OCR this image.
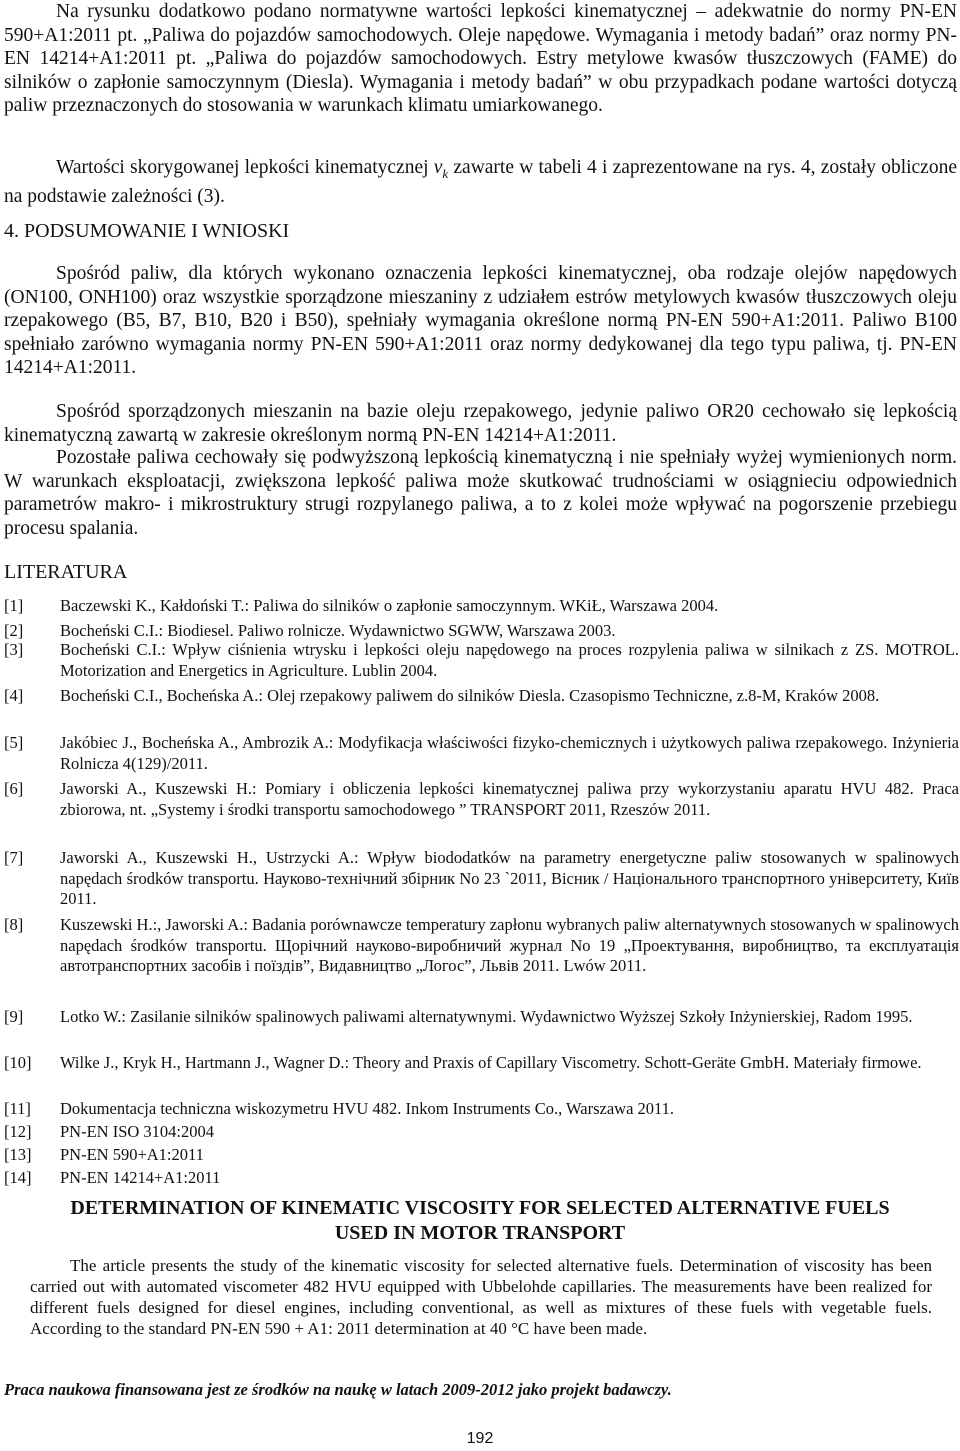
Na rysunku dodatkowo podano normatywne wartości lepkości kinematycznej – adekwatnie do normy PN-EN 590+A1:2011 pt. „Paliwa do pojazdów samochodowych. Oleje napędowe. Wymagania i metody badań” oraz normy PN-EN 14214+A1:2011 pt. „Paliwa do pojazdów samochodowych. Estry metylowe kwasów tłuszczowych (FAME) do silników o zapłonie samoczynnym (Diesla). Wymagania i metody badań” w obu przypadkach podane wartości dotyczą paliw przeznaczonych do stosowania w warunkach klimatu umiarkowanego.

Wartości skorygowanej lepkości kinematycznej $v_k$ zawarte w tabeli 4 i zaprezentowane na rys. 4, zostały obliczone na podstawie zależności (3).

4. PODSUMOWANIE I WNIOSKI

Spośród paliw, dla których wykonano oznaczenia lepkości kinematycznej, oba rodzaje olejów napędowych (ON100, ONH100) oraz wszystkie sporządzone mieszaniny z udziałem estrów metylowych kwasów tłuszczowych oleju rzepakowego (B5, B7, B10, B20 i B50), spełniały wymagania określone normą PN-EN 590+A1:2011. Paliwo B100 spełniało zarówno wymagania normy PN-EN 590+A1:2011 oraz normy dedykowanej dla tego typu paliwa, tj. PN-EN 14214+A1:2011.

Spośród sporządzonych mieszanin na bazie oleju rzepakowego, jedynie paliwo OR20 cechowało się lepkością kinematyczną zawartą w zakresie określonym normą PN-EN 14214+A1:2011.

Pozostałe paliwa cechowały się podwyższoną lepkością kinematyczną i nie spełniały wyżej wymienionych norm. W warunkach eksploatacji, zwiększona lepkość paliwa może skutkować trudnościami w osiągnieciu odpowiednich parametrów makro- i mikrostruktury strugi rozpylanego paliwa, a to z kolei może wpływać na pogorszenie przebiegu procesu spalania.

LITERATURA
[1]	Baczewski K., Kałdoński T.: Paliwa do silników o zapłonie samoczynnym. WKiŁ, Warszawa 2004.
[2]	Bocheński C.I.: Biodiesel. Paliwo rolnicze. Wydawnictwo SGWW, Warszawa 2003.
[3]	Bocheński C.I.: Wpływ ciśnienia wtrysku i lepkości oleju napędowego na proces rozpylenia paliwa w silnikach z ZS. MOTROL. Motorization and Energetics in Agriculture. Lublin 2004.
[4]	Bocheński C.I., Bocheńska A.: Olej rzepakowy paliwem do silników Diesla. Czasopismo Techniczne, z.8-M, Kraków 2008.
[5]	Jakóbiec J., Bocheńska A., Ambrozik A.: Modyfikacja właściwości fizyko-chemicznych i użytkowych paliwa rzepakowego. Inżynieria Rolnicza 4(129)/2011.
[6]	Jaworski A., Kuszewski H.: Pomiary i obliczenia lepkości kinematycznej paliwa przy wykorzystaniu aparatu HVU 482. Praca zbiorowa, nt. „Systemy i środki transportu samochodowego ” TRANSPORT 2011, Rzeszów 2011.
[7]	Jaworski A., Kuszewski H., Ustrzycki A.: Wpływ biododatków na parametry energetyczne paliw stosowanych w spalinowych napędach środków transportu. Науково-технічний збірник No 23 `2011, Вісник / Національного транспортного університету, Київ 2011.
[8]	Kuszewski H.:, Jaworski A.: Badania porównawcze temperatury zapłonu wybranych paliw alternatywnych stosowanych w spalinowych napędach środków transportu. Щорічний науково-виробничий журнал No 19 „Проектування, виробництво, та експлуатація автотранспортних засобів і поїздів”, Видавництво „Логос”, Львів 2011. Lwów 2011.
[9]	Lotko W.: Zasilanie silników spalinowych paliwami alternatywnymi. Wydawnictwo Wyższej Szkoły Inżynierskiej, Radom 1995.
[10]	Wilke J., Kryk H., Hartmann J., Wagner D.: Theory and Praxis of Capillary Viscometry. Schott-Geräte GmbH. Materiały firmowe.
[11]	Dokumentacja techniczna wiskozymetru HVU 482. Inkom Instruments Co., Warszawa 2011.
[12]	PN-EN ISO 3104:2004
[13]	PN-EN 590+A1:2011
[14]	PN-EN 14214+A1:2011
DETERMINATION OF KINEMATIC VISCOSITY FOR SELECTED ALTERNATIVE FUELS
USED IN MOTOR TRANSPORT

The article presents the study of the kinematic viscosity for selected alternative fuels. Determination of viscosity has been carried out with automated viscometer 482 HVU equipped with Ubbelohde capillaries. The measurements have been realized for different fuels designed for diesel engines, including conventional, as well as mixtures of these fuels with vegetable fuels. According to the standard PN-EN 590 + A1: 2011 determination at 40 °C have been made.

Praca naukowa finansowana jest ze środków na naukę w latach 2009-2012 jako projekt badawczy.

192
